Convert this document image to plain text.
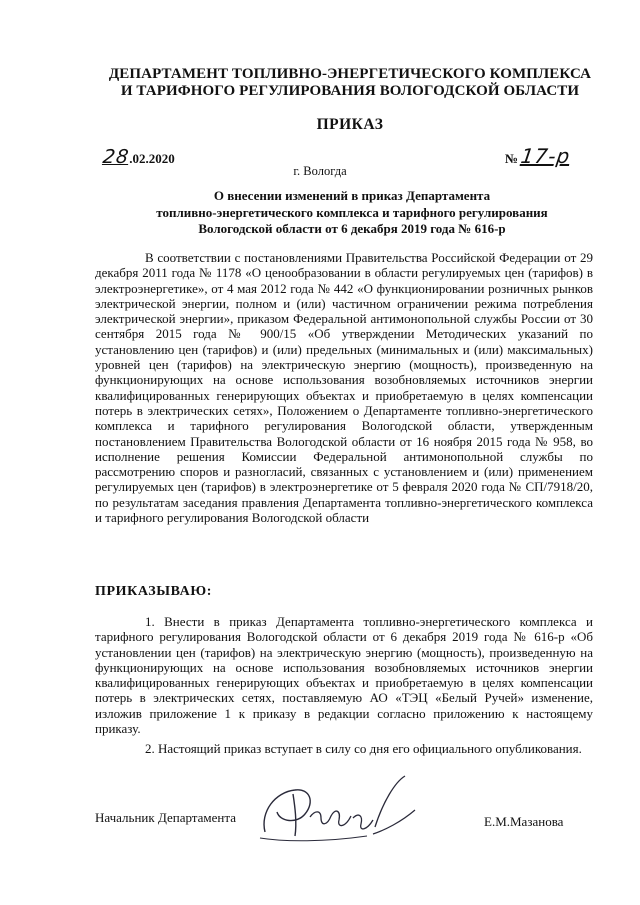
ДЕПАРТАМЕНТ ТОПЛИВНО-ЭНЕРГЕТИЧЕСКОГО КОМПЛЕКСА
И ТАРИФНОГО РЕГУЛИРОВАНИЯ ВОЛОГОДСКОЙ ОБЛАСТИ
ПРИКАЗ
28.02.2020	№ 17-р
г. Вологда
О внесении изменений в приказ Департамента
топливно-энергетического комплекса и тарифного регулирования
Вологодской области от 6 декабря 2019 года № 616-р

В соответствии с постановлениями Правительства Российской Федерации от 29 декабря 2011 года № 1178 «О ценообразовании в области регулируемых цен (тарифов) в электроэнергетике», от 4 мая 2012 года № 442 «О функционировании розничных рынков электрической энергии, полном и (или) частичном ограничении режима потребления электрической энергии», приказом Федеральной антимонопольной службы России от 30 сентября 2015 года № 900/15 «Об утверждении Методических указаний по установлению цен (тарифов) и (или) предельных (минимальных и (или) максимальных) уровней цен (тарифов) на электрическую энергию (мощность), произведенную на функционирующих на основе использования возобновляемых источников энергии квалифицированных генерирующих объектах и приобретаемую в целях компенсации потерь в электрических сетях», Положением о Департаменте топливно-энергетического комплекса и тарифного регулирования Вологодской области, утвержденным постановлением Правительства Вологодской области от 16 ноября 2015 года № 958, во исполнение решения Комиссии Федеральной антимонопольной службы по рассмотрению споров и разногласий, связанных с установлением и (или) применением регулируемых цен (тарифов) в электроэнергетике от 5 февраля 2020 года № СП/7918/20, по результатам заседания правления Департамента топливно-энергетического комплекса и тарифного регулирования Вологодской области

ПРИКАЗЫВАЮ:

1. Внести в приказ Департамента топливно-энергетического комплекса и тарифного регулирования Вологодской области от 6 декабря 2019 года № 616-р «Об установлении цен (тарифов) на электрическую энергию (мощность), произведенную на функционирующих на основе использования возобновляемых источников энергии квалифицированных генерирующих объектах и приобретаемую в целях компенсации потерь в электрических сетях, поставляемую АО «ТЭЦ «Белый Ручей» изменение, изложив приложение 1 к приказу в редакции согласно приложению к настоящему приказу.

2. Настоящий приказ вступает в силу со дня его официального опубликования.

Начальник Департамента	Е.М.Мазанова
